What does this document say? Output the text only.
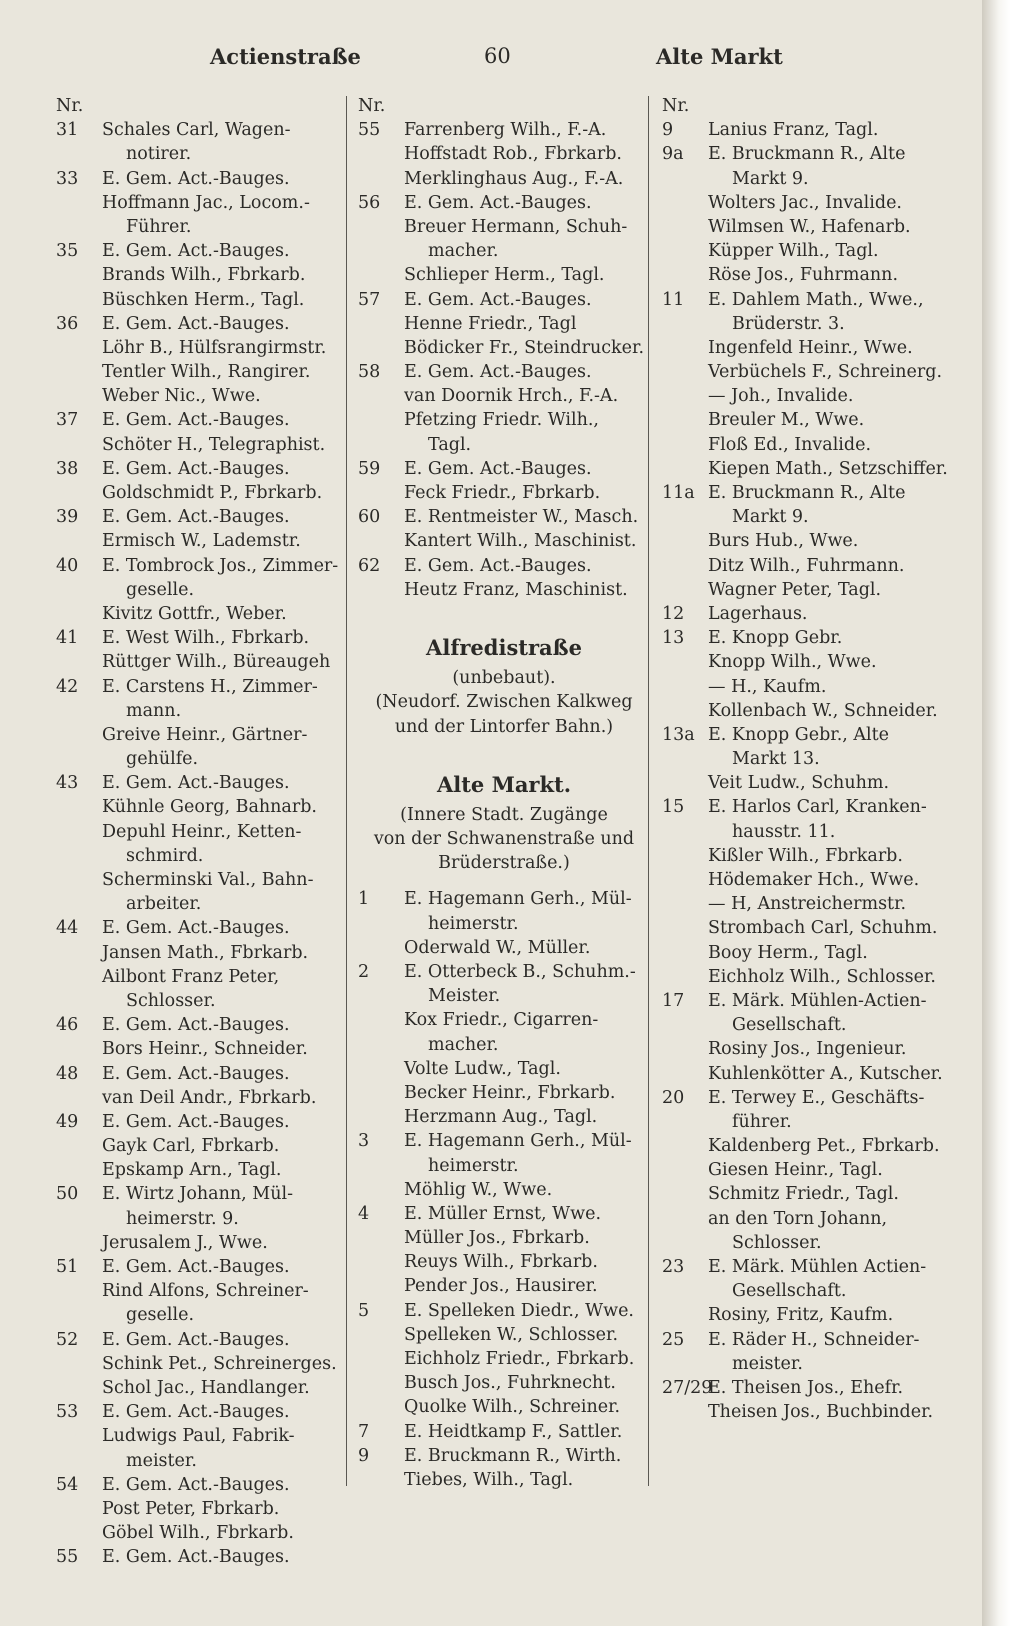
Actienstraße	60	Alte Markt
Nr.
31 Schales Carl, Wagen-
notirer.
33 E. Gem. Act.-Bauges.
Hoffmann Jac., Locom.-
Führer.
35 E. Gem. Act.-Bauges.
Brands Wilh., Fbrkarb.
Büschken Herm., Tagl.
36 E. Gem. Act.-Bauges.
Löhr B., Hülfsrangirmstr.
Tentler Wilh., Rangirer.
Weber Nic., Wwe.
37 E. Gem. Act.-Bauges.
Schöter H., Telegraphist.
38 E. Gem. Act.-Bauges.
Goldschmidt P., Fbrkarb.
39 E. Gem. Act.-Bauges.
Ermisch W., Lademstr.
40 E. Tombrock Jos., Zimmer-
geselle.
Kivitz Gottfr., Weber.
41 E. West Wilh., Fbrkarb.
Rüttger Wilh., Büreaugeh
42 E. Carstens H., Zimmer-
mann.
Greive Heinr., Gärtner-
gehülfe.
43 E. Gem. Act.-Bauges.
Kühnle Georg, Bahnarb.
Depuhl Heinr., Ketten-
schmird.
Scherminski Val., Bahn-
arbeiter.
44 E. Gem. Act.-Bauges.
Jansen Math., Fbrkarb.
Ailbont Franz Peter,
Schlosser.
46 E. Gem. Act.-Bauges.
Bors Heinr., Schneider.
48 E. Gem. Act.-Bauges.
van Deil Andr., Fbrkarb.
49 E. Gem. Act.-Bauges.
Gayk Carl, Fbrkarb.
Epskamp Arn., Tagl.
50 E. Wirtz Johann, Mül-
heimerstr. 9.
Jerusalem J., Wwe.
51 E. Gem. Act.-Bauges.
Rind Alfons, Schreiner-
geselle.
52 E. Gem. Act.-Bauges.
Schink Pet., Schreinerges.
Schol Jac., Handlanger.
53 E. Gem. Act.-Bauges.
Ludwigs Paul, Fabrik-
meister.
54 E. Gem. Act.-Bauges.
Post Peter, Fbrkarb.
Göbel Wilh., Fbrkarb.
55 E. Gem. Act.-Bauges.
Nr.
55 Farrenberg Wilh., F.-A.
Hoffstadt Rob., Fbrkarb.
Merklinghaus Aug., F.-A.
56 E. Gem. Act.-Bauges.
Breuer Hermann, Schuh-
macher.
Schlieper Herm., Tagl.
57 E. Gem. Act.-Bauges.
Henne Friedr., Tagl
Bödicker Fr., Steindrucker.
58 E. Gem. Act.-Bauges.
van Doornik Hrch., F.-A.
Pfetzing Friedr. Wilh.,
Tagl.
59 E. Gem. Act.-Bauges.
Feck Friedr., Fbrkarb.
60 E. Rentmeister W., Masch.
Kantert Wilh., Maschinist.
62 E. Gem. Act.-Bauges.
Heutz Franz, Maschinist.
Alfredistraße
(unbebaut).
(Neudorf. Zwischen Kalkweg
und der Lintorfer Bahn.)
Alte Markt.
(Innere Stadt. Zugänge
von der Schwanenstraße und
Brüderstraße.)
1 E. Hagemann Gerh., Mül-
heimerstr.
Oderwald W., Müller.
2 E. Otterbeck B., Schuhm.-
Meister.
Kox Friedr., Cigarren-
macher.
Volte Ludw., Tagl.
Becker Heinr., Fbrkarb.
Herzmann Aug., Tagl.
3 E. Hagemann Gerh., Mül-
heimerstr.
Möhlig W., Wwe.
4 E. Müller Ernst, Wwe.
Müller Jos., Fbrkarb.
Reuys Wilh., Fbrkarb.
Pender Jos., Hausirer.
5 E. Spelleken Diedr., Wwe.
Spelleken W., Schlosser.
Eichholz Friedr., Fbrkarb.
Busch Jos., Fuhrknecht.
Quolke Wilh., Schreiner.
7 E. Heidtkamp F., Sattler.
9 E. Bruckmann R., Wirth.
Tiebes, Wilh., Tagl.
Nr.
9 Lanius Franz, Tagl.
9a E. Bruckmann R., Alte
Markt 9.
Wolters Jac., Invalide.
Wilmsen W., Hafenarb.
Küpper Wilh., Tagl.
Röse Jos., Fuhrmann.
11 E. Dahlem Math., Wwe.,
Brüderstr. 3.
Ingenfeld Heinr., Wwe.
Verbüchels F., Schreinerg.
— Joh., Invalide.
Breuler M., Wwe.
Floß Ed., Invalide.
Kiepen Math., Setzschiffer.
11a E. Bruckmann R., Alte
Markt 9.
Burs Hub., Wwe.
Ditz Wilh., Fuhrmann.
Wagner Peter, Tagl.
12 Lagerhaus.
13 E. Knopp Gebr.
Knopp Wilh., Wwe.
— H., Kaufm.
Kollenbach W., Schneider.
13a E. Knopp Gebr., Alte
Markt 13.
Veit Ludw., Schuhm.
15 E. Harlos Carl, Kranken-
hausstr. 11.
Kißler Wilh., Fbrkarb.
Hödemaker Hch., Wwe.
— H, Anstreichermstr.
Strombach Carl, Schuhm.
Booy Herm., Tagl.
Eichholz Wilh., Schlosser.
17 E. Märk. Mühlen-Actien-
Gesellschaft.
Rosiny Jos., Ingenieur.
Kuhlenkötter A., Kutscher.
20 E. Terwey E., Geschäfts-
führer.
Kaldenberg Pet., Fbrkarb.
Giesen Heinr., Tagl.
Schmitz Friedr., Tagl.
an den Torn Johann,
Schlosser.
23 E. Märk. Mühlen Actien-
Gesellschaft.
Rosiny, Fritz, Kaufm.
25 E. Räder H., Schneider-
meister.
27/29
E. Theisen Jos., Ehefr.
Theisen Jos., Buchbinder.
